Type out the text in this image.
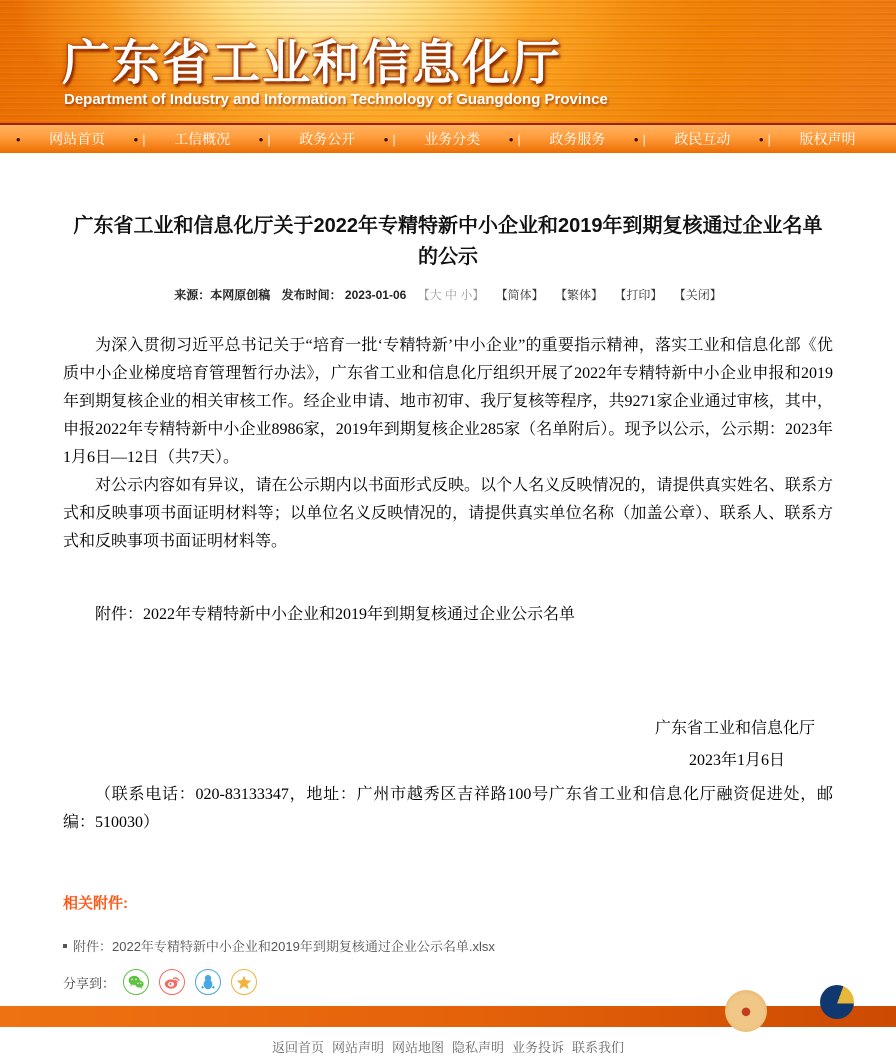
广东省工业和信息化厅
Department of Industry and Information Technology of Guangdong Province
•	网站首页	• |	工信概况	• |	政务公开	• |	业务分类	• |	政务服务	• |	政民互动	• |	版权声明
广东省工业和信息化厅关于2022年专精特新中小企业和2019年到期复核通过企业名单的公示
来源：本网原创稿 发布时间： 2023-01-06 【大 中 小】 【简体】 【繁体】 【打印】 【关闭】

为深入贯彻习近平总书记关于“培育一批‘专精特新’中小企业”的重要指示精神，落实工业和信息化部《优质中小企业梯度培育管理暂行办法》，广东省工业和信息化厅组织开展了2022年专精特新中小企业申报和2019年到期复核企业的相关审核工作。经企业申请、地市初审、我厅复核等程序，共9271家企业通过审核，其中，申报2022年专精特新中小企业8986家，2019年到期复核企业285家（名单附后）。现予以公示，公示期：2023年1月6日—12日（共7天）。

对公示内容如有异议，请在公示期内以书面形式反映。以个人名义反映情况的，请提供真实姓名、联系方式和反映事项书面证明材料等；以单位名义反映情况的，请提供真实单位名称（加盖公章）、联系人、联系方式和反映事项书面证明材料等。

附件：2022年专精特新中小企业和2019年到期复核通过企业公示名单

广东省工业和信息化厅
2023年1月6日

（联系电话：020-83133347，地址：广州市越秀区吉祥路100号广东省工业和信息化厅融资促进处，邮编：510030）

相关附件:
附件：2022年专精特新中小企业和2019年到期复核通过企业公示名单.xlsx
分享到：
返回首页 网站声明 网站地图 隐私声明 业务投诉 联系我们
